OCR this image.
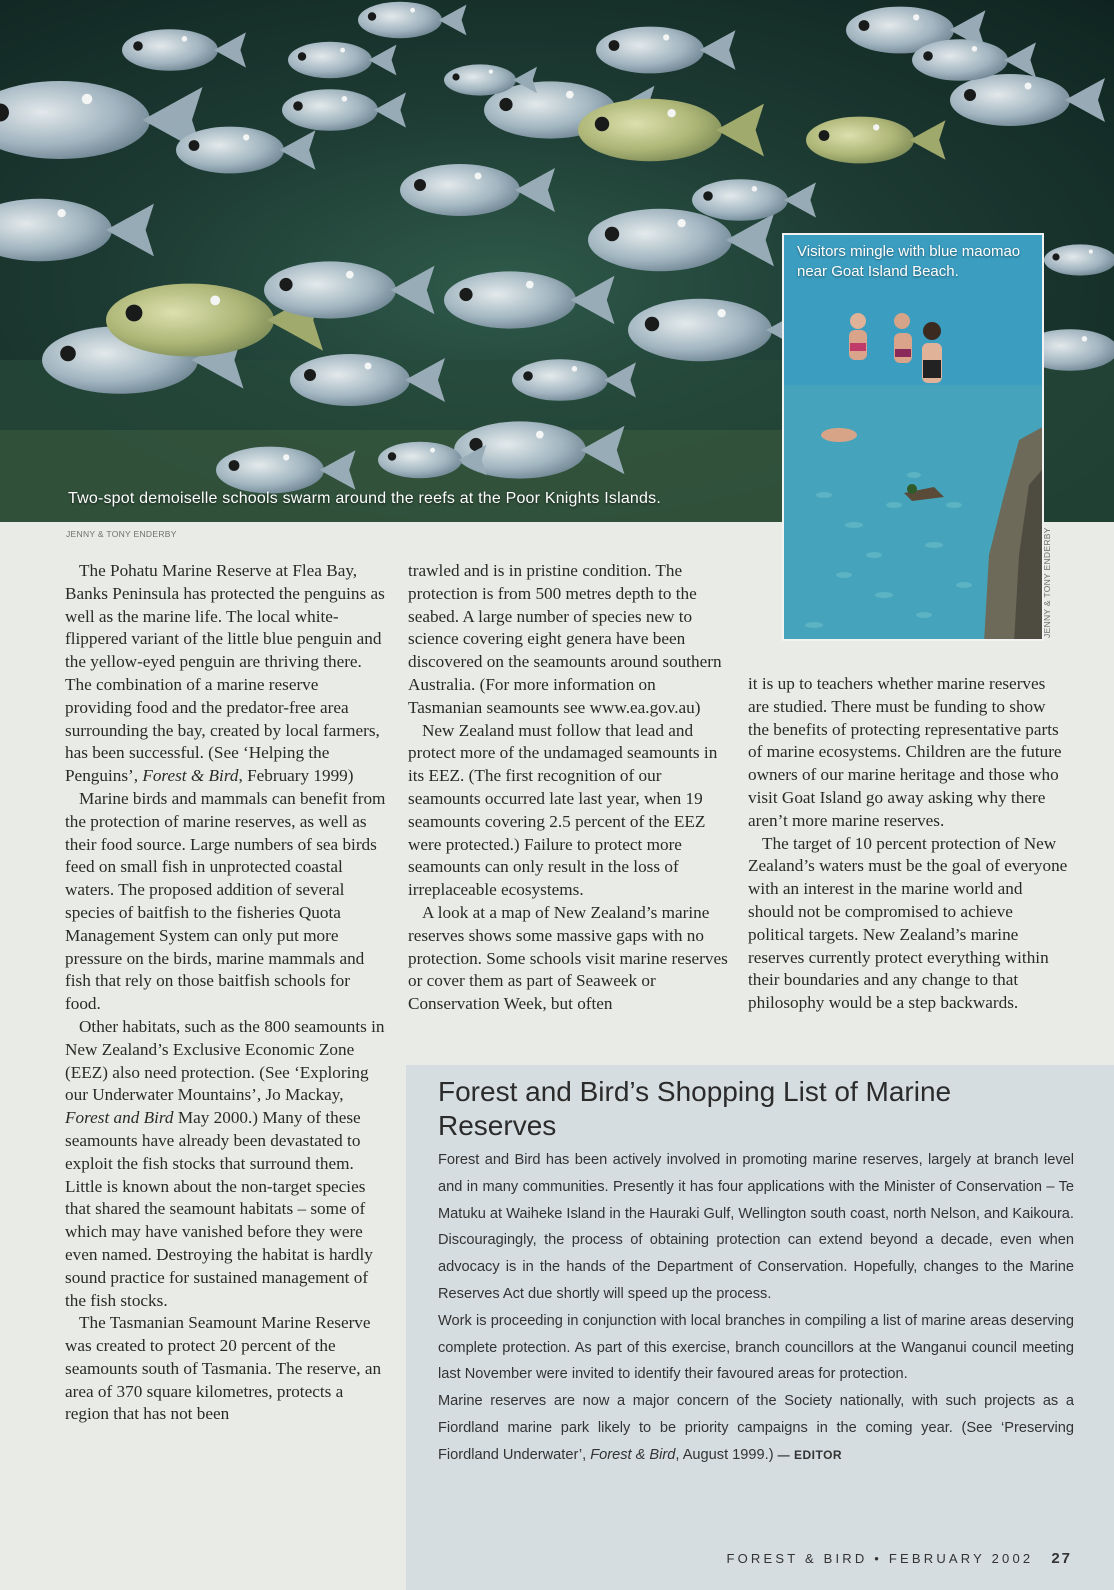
Two-spot demoiselle schools swarm around the reefs at the Poor Knights Islands.
JENNY & TONY ENDERBY
Visitors mingle with blue maomao near Goat Island Beach.
JENNY & TONY ENDERBY

The Pohatu Marine Reserve at Flea Bay, Banks Peninsula has protected the penguins as well as the marine life. The local white-flippered variant of the little blue penguin and the yellow-eyed penguin are thriving there. The combination of a marine reserve providing food and the predator-free area surrounding the bay, created by local farmers, has been successful. (See ‘Helping the Penguins’, Forest & Bird, February 1999)

Marine birds and mammals can benefit from the protection of marine reserves, as well as their food source. Large numbers of sea birds feed on small fish in unprotected coastal waters. The proposed addition of several species of baitfish to the fisheries Quota Management System can only put more pressure on the birds, marine mammals and fish that rely on those baitfish schools for food.

Other habitats, such as the 800 seamounts in New Zealand’s Exclusive Economic Zone (EEZ) also need protection. (See ‘Exploring our Underwater Mountains’, Jo Mackay, Forest and Bird May 2000.) Many of these seamounts have already been devastated to exploit the fish stocks that surround them. Little is known about the non-target species that shared the seamount habitats – some of which may have vanished before they were even named. Destroying the habitat is hardly sound practice for sustained management of the fish stocks.

The Tasmanian Seamount Marine Reserve was created to protect 20 percent of the seamounts south of Tasmania. The reserve, an area of 370 square kilometres, protects a region that has not been

trawled and is in pristine condition. The protection is from 500 metres depth to the seabed. A large number of species new to science covering eight genera have been discovered on the seamounts around southern Australia. (For more information on Tasmanian seamounts see www.ea.gov.au)

New Zealand must follow that lead and protect more of the undamaged seamounts in its EEZ. (The first recognition of our seamounts occurred late last year, when 19 seamounts covering 2.5 percent of the EEZ were protected.) Failure to protect more seamounts can only result in the loss of irreplaceable ecosystems.

A look at a map of New Zealand’s marine reserves shows some massive gaps with no protection. Some schools visit marine reserves or cover them as part of Seaweek or Conservation Week, but often

it is up to teachers whether marine reserves are studied. There must be funding to show the benefits of protecting representative parts of marine ecosystems. Children are the future owners of our marine heritage and those who visit Goat Island go away asking why there aren’t more marine reserves.

The target of 10 percent protection of New Zealand’s waters must be the goal of everyone with an interest in the marine world and should not be compromised to achieve political targets. New Zealand’s marine reserves currently protect everything within their boundaries and any change to that philosophy would be a step backwards.

Forest and Bird’s Shopping List of Marine Reserves

Forest and Bird has been actively involved in promoting marine reserves, largely at branch level and in many communities. Presently it has four applications with the Minister of Conservation – Te Matuku at Waiheke Island in the Hauraki Gulf, Wellington south coast, north Nelson, and Kaikoura.

Discouragingly, the process of obtaining protection can extend beyond a decade, even when advocacy is in the hands of the Department of Conservation. Hopefully, changes to the Marine Reserves Act due shortly will speed up the process.

Work is proceeding in conjunction with local branches in compiling a list of marine areas deserving complete protection. As part of this exercise, branch councillors at the Wanganui council meeting last November were invited to identify their favoured areas for protection.

Marine reserves are now a major concern of the Society nationally, with such projects as a Fiordland marine park likely to be priority campaigns in the coming year. (See ‘Preserving Fiordland Underwater’, Forest & Bird, August 1999.) — EDITOR

FOREST & BIRD • FEBRUARY 2002 27
